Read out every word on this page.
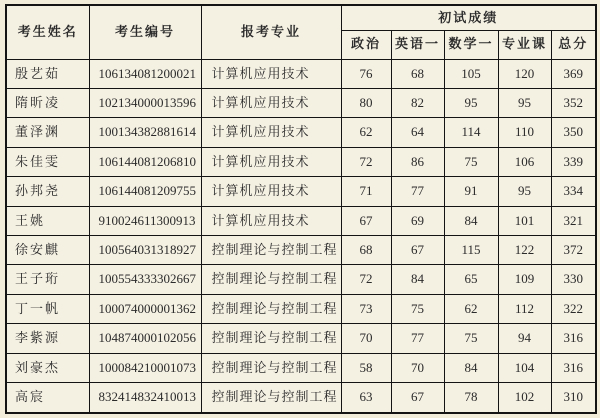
考生姓名	考生编号	报考专业	初试成绩				
			政治	英语一	数学一	专业课	总分
殷艺茹	106134081200021	计算机应用技术	76	68	105	120	369
隋昕凌	102134000013596	计算机应用技术	80	82	95	95	352
董泽渊	100134382881614	计算机应用技术	62	64	114	110	350
朱佳雯	106144081206810	计算机应用技术	72	86	75	106	339
孙邦尧	106144081209755	计算机应用技术	71	77	91	95	334
王姚	910024611300913	计算机应用技术	67	69	84	101	321
徐安麒	100564031318927	控制理论与控制工程	68	67	115	122	372
王子珩	100554333302667	控制理论与控制工程	72	84	65	109	330
丁一帆	100074000001362	控制理论与控制工程	73	75	62	112	322
李紫源	104874000102056	控制理论与控制工程	70	77	75	94	316
刘豪杰	100084210001073	控制理论与控制工程	58	70	84	104	316
高宸	832414832410013	控制理论与控制工程	63	67	78	102	310
